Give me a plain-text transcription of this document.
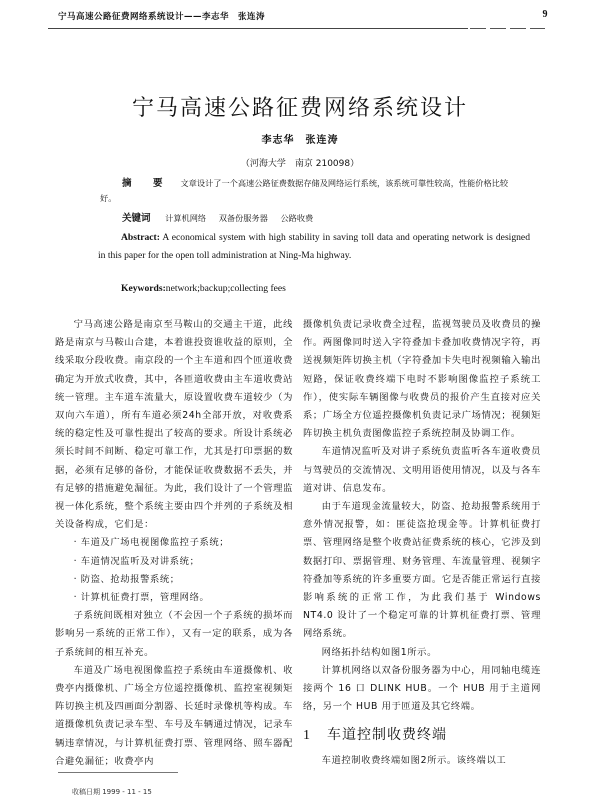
宁马高速公路征费网络系统设计——李志华　张连涛	9
宁马高速公路征费网络系统设计
李志华　张连涛
（河海大学　南京 210098）
摘　要 文章设计了一个高速公路征费数据存储及网络运行系统，该系统可靠性较高，性能价格比较好。
关键词 计算机网络 双备份服务器 公路收费
Abstract: A economical system with high stability in saving toll data and operating network is designed in this paper for the open toll administration at Ning-Ma highway.
Keywords:network;backup;collecting fees

宁马高速公路是南京至马鞍山的交通主干道，此线路是南京与马鞍山合建，本着谁投资谁收益的原则，全线采取分段收费。南京段的一个主车道和四个匝道收费确定为开放式收费，其中，各匝道收费由主车道收费站统一管理。主车道车流量大，原设置收费车道较少（为双向六车道），所有车道必须24h全部开放，对收费系统的稳定性及可靠性提出了较高的要求。所设计系统必须长时间不间断、稳定可靠工作，尤其是打印票据的数据，必须有足够的备份，才能保证收费数据不丢失，并有足够的措施避免漏征。为此，我们设计了一个管理监视一体化系统，整个系统主要由四个并列的子系统及相关设备构成，它们是：

· 车道及广场电视图像监控子系统；

· 车道情况监听及对讲系统；

· 防盗、抢劫报警系统；

· 计算机征费打票，管理网络。

子系统间既相对独立（不会因一个子系统的损坏而影响另一系统的正常工作），又有一定的联系，成为各子系统间的相互补充。

车道及广场电视图像监控子系统由车道摄像机、收费亭内摄像机、广场全方位遥控摄像机、监控室视频矩阵切换主机及四画面分割器、长延时录像机等构成。车道摄像机负责记录车型、车号及车辆通过情况，记录车辆违章情况，与计算机征费打票、管理网络、照车器配合避免漏征；收费亭内

摄像机负责记录收费全过程，监视驾驶员及收费员的操作。两图像同时送入字符叠加卡叠加收费情况字符，再送视频矩阵切换主机（字符叠加卡失电时视频输入输出短路，保证收费终端下电时不影响图像监控子系统工作），使实际车辆图像与收费员的报价产生直接对应关系；广场全方位遥控摄像机负责记录广场情况；视频矩阵切换主机负责图像监控子系统控制及协调工作。

车道情况监听及对讲子系统负责监听各车道收费员与驾驶员的交流情况、文明用语使用情况，以及与各车道对讲、信息发布。

由于车道现金流量较大，防盗、抢劫报警系统用于意外情况报警，如：匪徒盗抢现金等。计算机征费打票、管理网络是整个收费站征费系统的核心，它涉及到数据打印、票据管理、财务管理、车流量管理、视频字符叠加等系统的许多重要方面。它是否能正常运行直接影响系统的正常工作，为此我们基于 Windows NT4.0 设计了一个稳定可靠的计算机征费打票、管理网络系统。

网络拓扑结构如图1所示。

计算机网络以双备份服务器为中心，用同轴电缆连接两个 16 口 DLINK HUB。一个 HUB 用于主道网络，另一个 HUB 用于匝道及其它终端。

1 车道控制收费终端

车道控制收费终端如图2所示。该终端以工

收稿日期 1999 - 11 - 15
